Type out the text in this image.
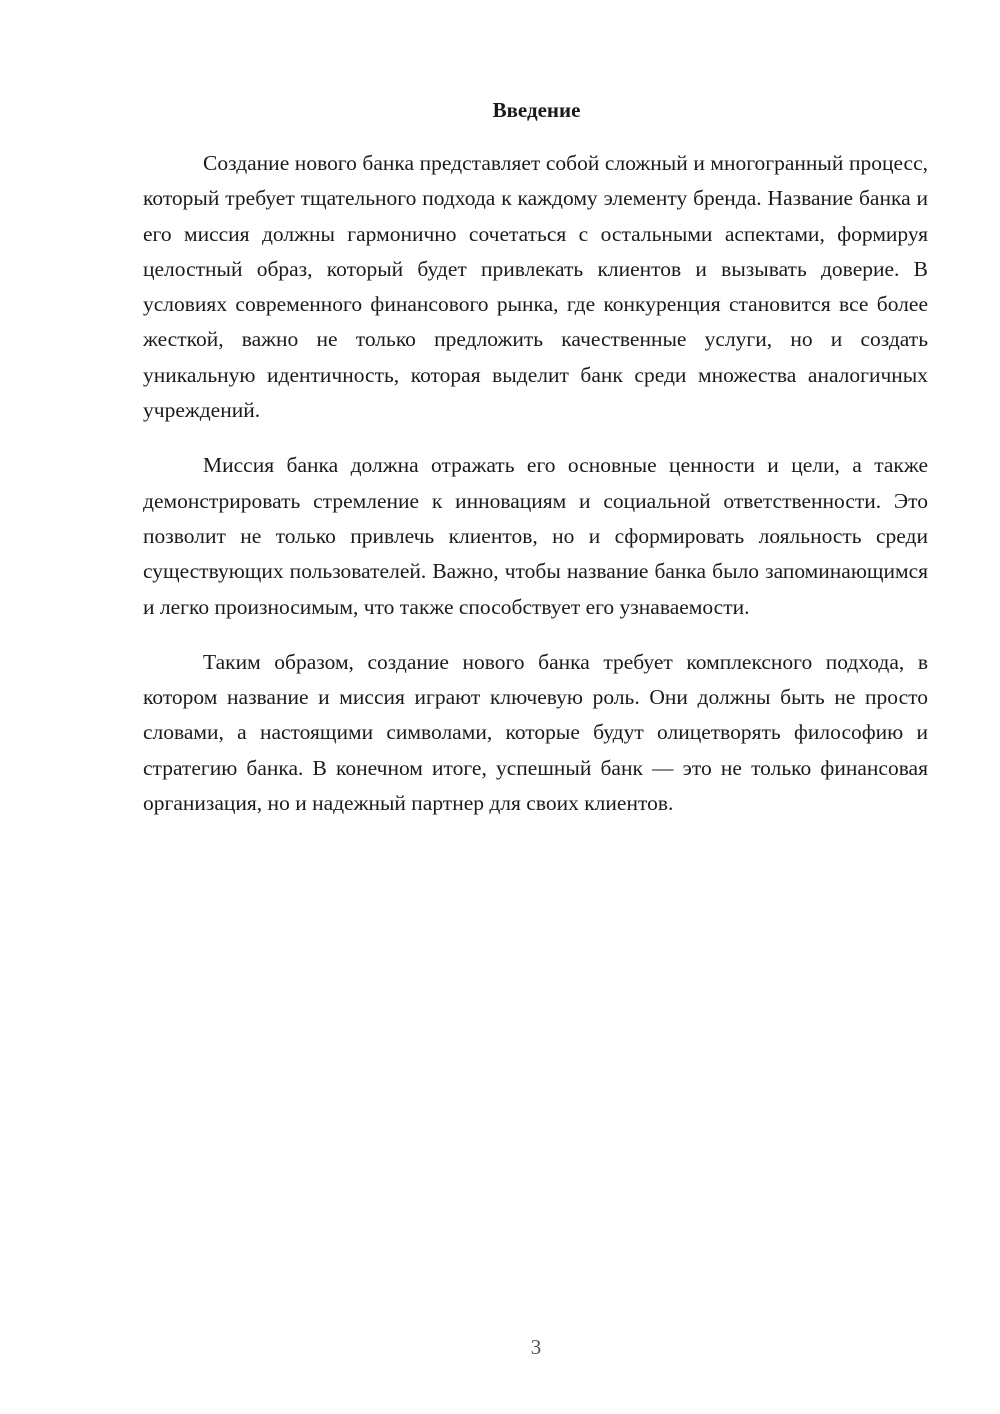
Введение

Создание нового банка представляет собой сложный и многогранный процесс, который требует тщательного подхода к каждому элементу бренда. Название банка и его миссия должны гармонично сочетаться с остальными аспектами, формируя целостный образ, который будет привлекать клиентов и вызывать доверие. В условиях современного финансового рынка, где конкуренция становится все более жесткой, важно не только предложить качественные услуги, но и создать уникальную идентичность, которая выделит банк среди множества аналогичных учреждений.

Миссия банка должна отражать его основные ценности и цели, а также демонстрировать стремление к инновациям и социальной ответственности. Это позволит не только привлечь клиентов, но и сформировать лояльность среди существующих пользователей. Важно, чтобы название банка было запоминающимся и легко произносимым, что также способствует его узнаваемости.

Таким образом, создание нового банка требует комплексного подхода, в котором название и миссия играют ключевую роль. Они должны быть не просто словами, а настоящими символами, которые будут олицетворять философию и стратегию банка. В конечном итоге, успешный банк — это не только финансовая организация, но и надежный партнер для своих клиентов.

3
